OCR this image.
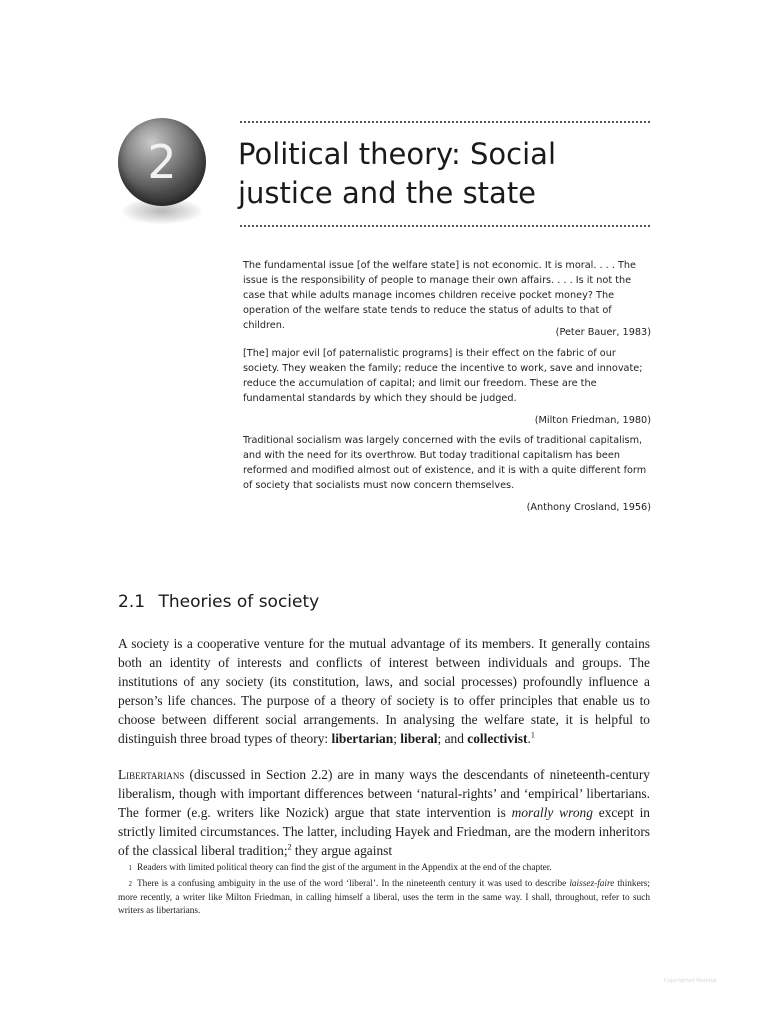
2	Political theory: Social
justice and the state
The fundamental issue [of the welfare state] is not economic. It is moral. . . . The issue is the responsibility of people to manage their own affairs. . . . Is it not the case that while adults manage incomes children receive pocket money? The operation of the welfare state tends to reduce the status of adults to that of children.
(Peter Bauer, 1983)
[The] major evil [of paternalistic programs] is their effect on the fabric of our society. They weaken the family; reduce the incentive to work, save and innovate; reduce the accumulation of capital; and limit our freedom. These are the fundamental standards by which they should be judged.
(Milton Friedman, 1980)
Traditional socialism was largely concerned with the evils of traditional capitalism, and with the need for its overthrow. But today traditional capitalism has been reformed and modified almost out of existence, and it is with a quite different form of society that socialists must now concern themselves.
(Anthony Crosland, 1956)
2.1 Theories of society
A society is a cooperative venture for the mutual advantage of its members. It generally contains both an identity of interests and conflicts of interest between individuals and groups. The institutions of any society (its constitution, laws, and social processes) profoundly influence a person’s life chances. The purpose of a theory of society is to offer principles that enable us to choose between different social arrangements. In analysing the welfare state, it is helpful to distinguish three broad types of theory: libertarian; liberal; and collectivist.$^1$
Libertarians (discussed in Section 2.2) are in many ways the descendants of nineteenth-century liberalism, though with important differences between ‘natural-rights’ and ‘empirical’ libertarians. The former (e.g. writers like Nozick) argue that state intervention is morally wrong except in strictly limited circumstances. The latter, including Hayek and Friedman, are the modern inheritors of the classical liberal tradition;$^2$ they argue against
1 Readers with limited political theory can find the gist of the argument in the Appendix at the end of the chapter.
2 There is a confusing ambiguity in the use of the word ‘liberal’. In the nineteenth century it was used to describe laissez-faire thinkers; more recently, a writer like Milton Friedman, in calling himself a liberal, uses the term in the same way. I shall, throughout, refer to such writers as libertarians.
Copyrighted Material
